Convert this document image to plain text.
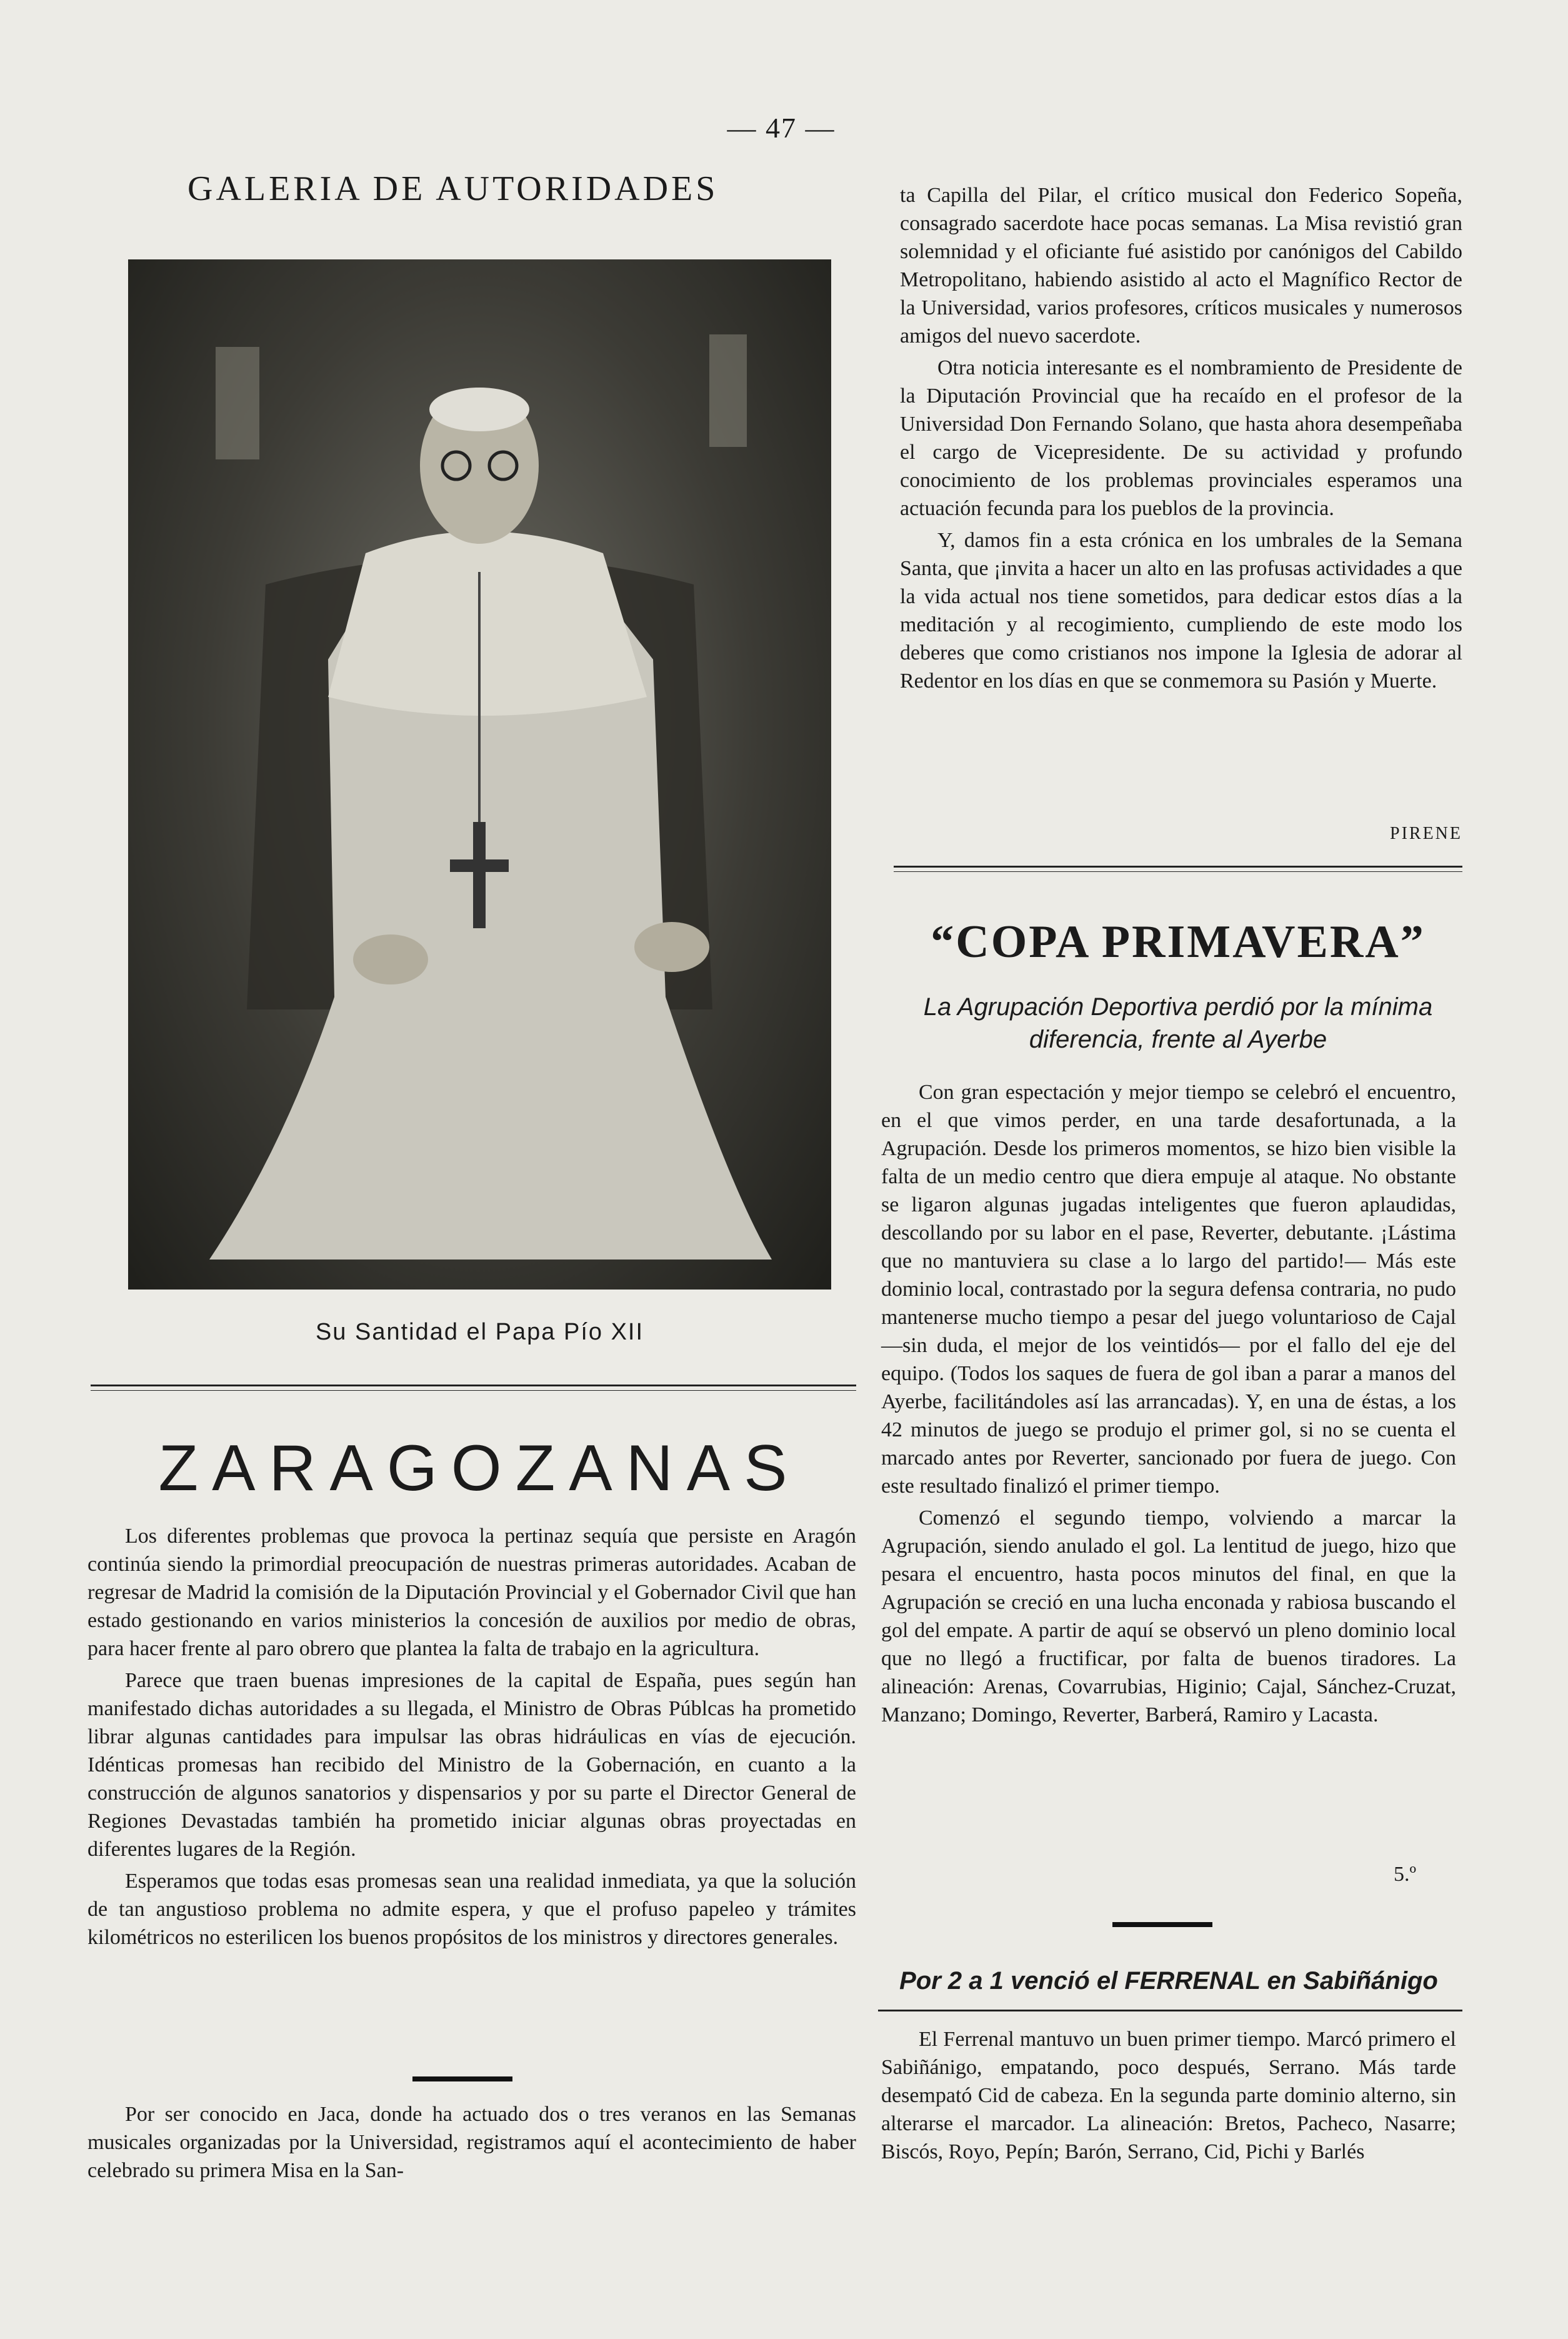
— 47 —
GALERIA DE AUTORIDADES
Su Santidad el Papa Pío XII
ZARAGOZANAS

Los diferentes problemas que provoca la pertinaz sequía que persiste en Aragón continúa siendo la primordial preocupación de nuestras primeras autoridades. Acaban de regresar de Madrid la comisión de la Diputación Provincial y el Gobernador Civil que han estado gestionando en varios ministerios la concesión de auxilios por medio de obras, para hacer frente al paro obrero que plantea la falta de trabajo en la agricultura.

Parece que traen buenas impresiones de la capital de España, pues según han manifestado dichas autoridades a su llegada, el Ministro de Obras Públcas ha prometido librar algunas cantidades para impulsar las obras hidráulicas en vías de ejecución. Idénticas promesas han recibido del Ministro de la Gobernación, en cuanto a la construcción de algunos sanatorios y dispensarios y por su parte el Director General de Regiones Devastadas también ha prometido iniciar algunas obras proyectadas en diferentes lugares de la Región.

Esperamos que todas esas promesas sean una realidad inmediata, ya que la solución de tan angustioso problema no admite espera, y que el profuso papeleo y trámites kilométricos no esterilicen los buenos propósitos de los ministros y directores generales.

Por ser conocido en Jaca, donde ha actuado dos o tres veranos en las Semanas musicales organizadas por la Universidad, registramos aquí el acontecimiento de haber celebrado su primera Misa en la San-

ta Capilla del Pilar, el crítico musical don Federico Sopeña, consagrado sacerdote hace pocas semanas. La Misa revistió gran solemnidad y el oficiante fué asistido por canónigos del Cabildo Metropolitano, habiendo asistido al acto el Magnífico Rector de la Universidad, varios profesores, críticos musicales y numerosos amigos del nuevo sacerdote.

Otra noticia interesante es el nombramiento de Presidente de la Diputación Provincial que ha recaído en el profesor de la Universidad Don Fernando Solano, que hasta ahora desempeñaba el cargo de Vicepresidente. De su actividad y profundo conocimiento de los problemas provinciales esperamos una actuación fecunda para los pueblos de la provincia.

Y, damos fin a esta crónica en los umbrales de la Semana Santa, que ¡invita a hacer un alto en las profusas actividades a que la vida actual nos tiene sometidos, para dedicar estos días a la meditación y al recogimiento, cumpliendo de este modo los deberes que como cristianos nos impone la Iglesia de adorar al Redentor en los días en que se conmemora su Pasión y Muerte.

PIRENE
“COPA PRIMAVERA”
La Agrupación Deportiva perdió por la mínima diferencia, frente al Ayerbe

Con gran espectación y mejor tiempo se celebró el encuentro, en el que vimos perder, en una tarde desafortunada, a la Agrupación. Desde los primeros momentos, se hizo bien visible la falta de un medio centro que diera empuje al ataque. No obstante se ligaron algunas jugadas inteligentes que fueron aplaudidas, descollando por su labor en el pase, Reverter, debutante. ¡Lástima que no mantuviera su clase a lo largo del partido!— Más este dominio local, contrastado por la segura defensa contraria, no pudo mantenerse mucho tiempo a pesar del juego voluntarioso de Cajal—sin duda, el mejor de los veintidós— por el fallo del eje del equipo. (Todos los saques de fuera de gol iban a parar a manos del Ayerbe, facilitándoles así las arrancadas). Y, en una de éstas, a los 42 minutos de juego se produjo el primer gol, si no se cuenta el marcado antes por Reverter, sancionado por fuera de juego. Con este resultado finalizó el primer tiempo.

Comenzó el segundo tiempo, volviendo a marcar la Agrupación, siendo anulado el gol. La lentitud de juego, hizo que pesara el encuentro, hasta pocos minutos del final, en que la Agrupación se creció en una lucha enconada y rabiosa buscando el gol del empate. A partir de aquí se observó un pleno dominio local que no llegó a fructificar, por falta de buenos tiradores. La alineación: Arenas, Covarrubias, Higinio; Cajal, Sánchez-Cruzat, Manzano; Domingo, Reverter, Barberá, Ramiro y Lacasta.

5.º
Por 2 a 1 venció el FERRENAL en Sabiñánigo

El Ferrenal mantuvo un buen primer tiempo. Marcó primero el Sabiñánigo, empatando, poco después, Serrano. Más tarde desempató Cid de cabeza. En la segunda parte dominio alterno, sin alterarse el marcador. La alineación: Bretos, Pacheco, Nasarre; Biscós, Royo, Pepín; Barón, Serrano, Cid, Pichi y Barlés
